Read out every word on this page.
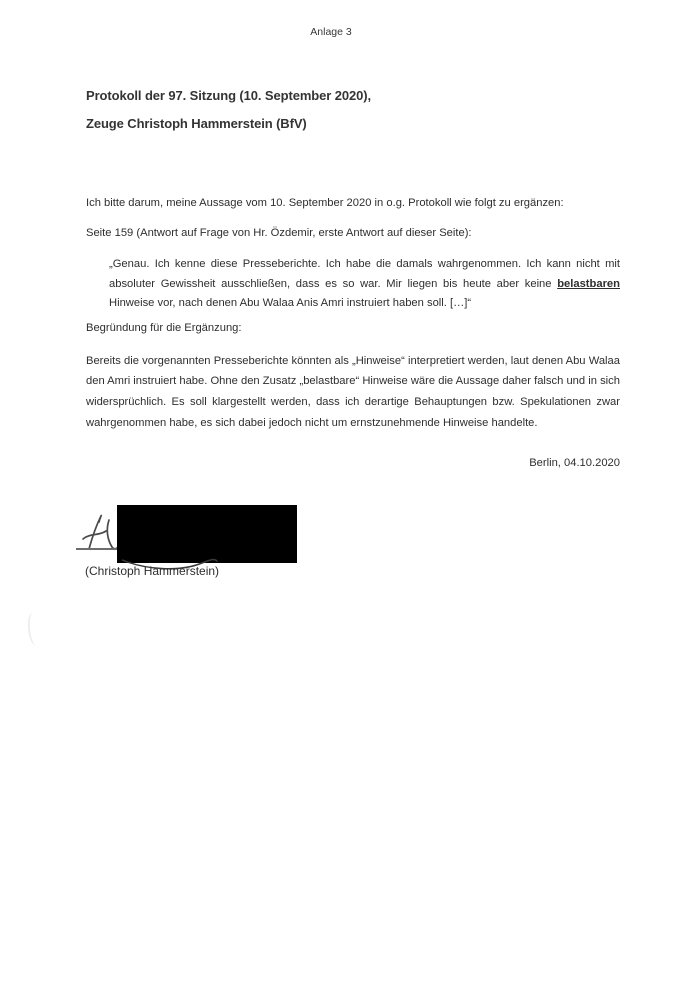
Anlage 3

Protokoll der 97. Sitzung (10. September 2020),

Zeuge Christoph Hammerstein (BfV)

Ich bitte darum, meine Aussage vom 10. September 2020 in o.g. Protokoll wie folgt zu ergänzen:

Seite 159 (Antwort auf Frage von Hr. Özdemir, erste Antwort auf dieser Seite):

„Genau. Ich kenne diese Presseberichte. Ich habe die damals wahrgenommen. Ich kann nicht mit absoluter Gewissheit ausschließen, dass es so war. Mir liegen bis heute aber keine belastbaren Hinweise vor, nach denen Abu Walaa Anis Amri instruiert haben soll. […]“

Begründung für die Ergänzung:

Bereits die vorgenannten Presseberichte könnten als „Hinweise“ interpretiert werden, laut denen Abu Walaa den Amri instruiert habe. Ohne den Zusatz „belastbare“ Hinweise wäre die Aussage daher falsch und in sich widersprüchlich. Es soll klargestellt werden, dass ich derartige Behauptungen bzw. Spekulationen zwar wahrgenommen habe, es sich dabei jedoch nicht um ernstzunehmende Hinweise handelte.

Berlin, 04.10.2020
(Christoph Hammerstein)
